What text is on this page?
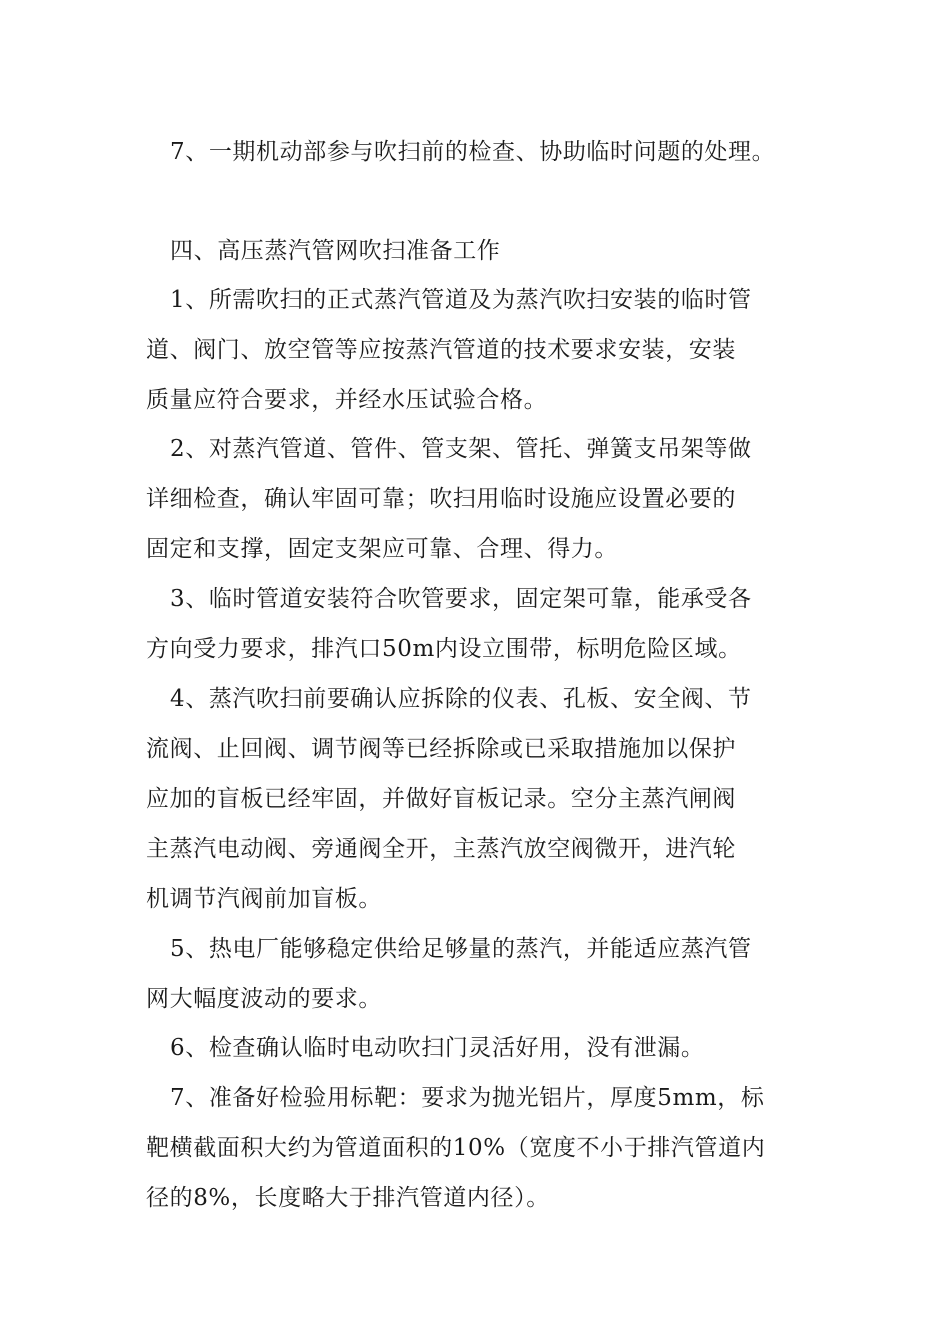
7、一期机动部参与吹扫前的检查、协助临时问题的处理。
四、高压蒸汽管网吹扫准备工作
1、所需吹扫的正式蒸汽管道及为蒸汽吹扫安装的临时管
道、阀门、放空管等应按蒸汽管道的技术要求安装，安装
质量应符合要求，并经水压试验合格。
2、对蒸汽管道、管件、管支架、管托、弹簧支吊架等做
详细检查，确认牢固可靠；吹扫用临时设施应设置必要的
固定和支撑，固定支架应可靠、合理、得力。
3、临时管道安装符合吹管要求，固定架可靠，能承受各
方向受力要求，排汽口50m内设立围带，标明危险区域。
4、蒸汽吹扫前要确认应拆除的仪表、孔板、安全阀、节
流阀、止回阀、调节阀等已经拆除或已采取措施加以保护
应加的盲板已经牢固，并做好盲板记录。空分主蒸汽闸阀
主蒸汽电动阀、旁通阀全开，主蒸汽放空阀微开，进汽轮
机调节汽阀前加盲板。
5、热电厂能够稳定供给足够量的蒸汽，并能适应蒸汽管
网大幅度波动的要求。
6、检查确认临时电动吹扫门灵活好用，没有泄漏。
7、准备好检验用标靶：要求为抛光铝片，厚度5mm，标
靶横截面积大约为管道面积的10%（宽度不小于排汽管道内
径的8%，长度略大于排汽管道内径）。
